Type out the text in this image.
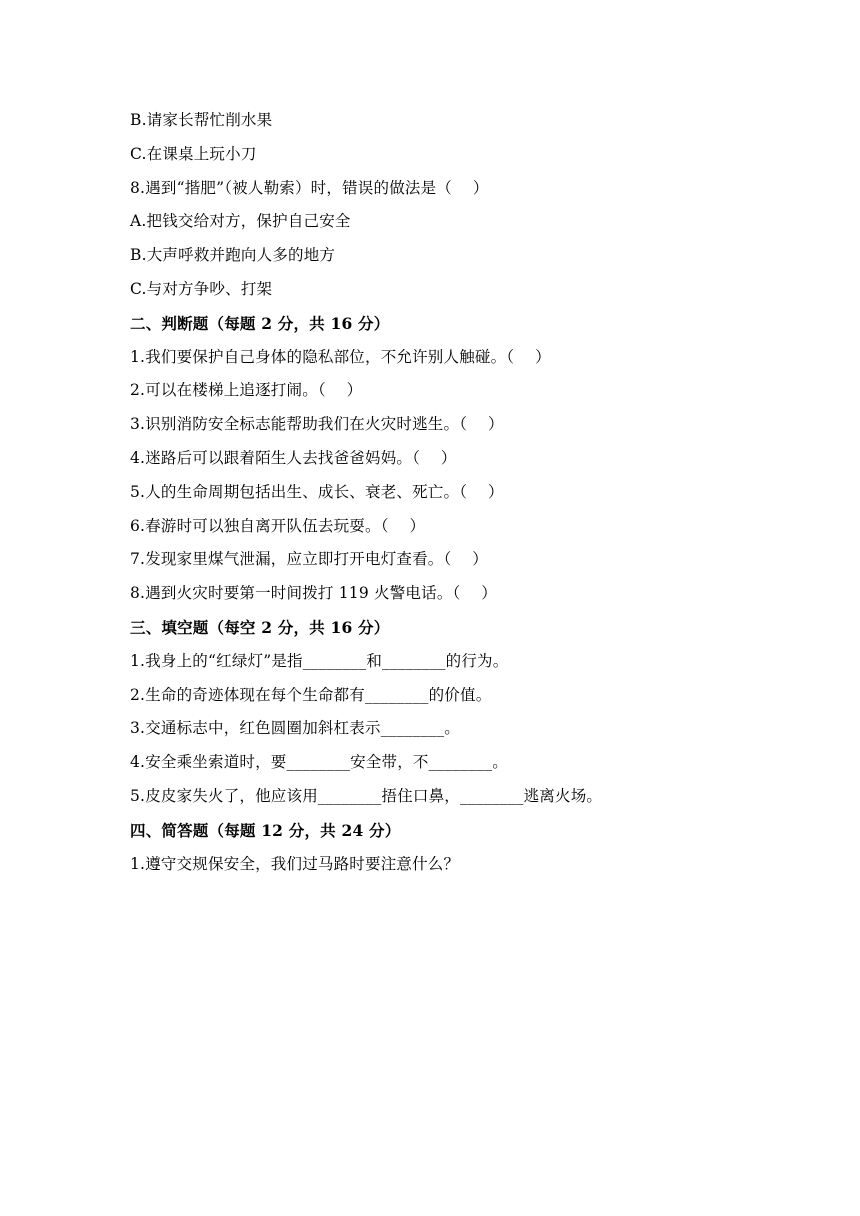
B.请家长帮忙削水果
C.在课桌上玩小刀
8.遇到“揩肥”（被人勒索）时，错误的做法是（　 ）
A.把钱交给对方，保护自己安全
B.大声呼救并跑向人多的地方
C.与对方争吵、打架
二、判断题（每题 2 分，共 16 分）
1.我们要保护自己身体的隐私部位，不允许别人触碰。（　 ）
2.可以在楼梯上追逐打闹。（　 ）
3.识别消防安全标志能帮助我们在火灾时逃生。（　 ）
4.迷路后可以跟着陌生人去找爸爸妈妈。（　 ）
5.人的生命周期包括出生、成长、衰老、死亡。（　 ）
6.春游时可以独自离开队伍去玩耍。（　 ）
7.发现家里煤气泄漏，应立即打开电灯查看。（　 ）
8.遇到火灾时要第一时间拨打 119 火警电话。（　 ）
三、填空题（每空 2 分，共 16 分）
1.我身上的“红绿灯”是指________和________的行为。
2.生命的奇迹体现在每个生命都有________的价值。
3.交通标志中，红色圆圈加斜杠表示________。
4.安全乘坐索道时，要________安全带，不________。
5.皮皮家失火了，他应该用________捂住口鼻，________逃离火场。
四、简答题（每题 12 分，共 24 分）
1.遵守交规保安全，我们过马路时要注意什么？
